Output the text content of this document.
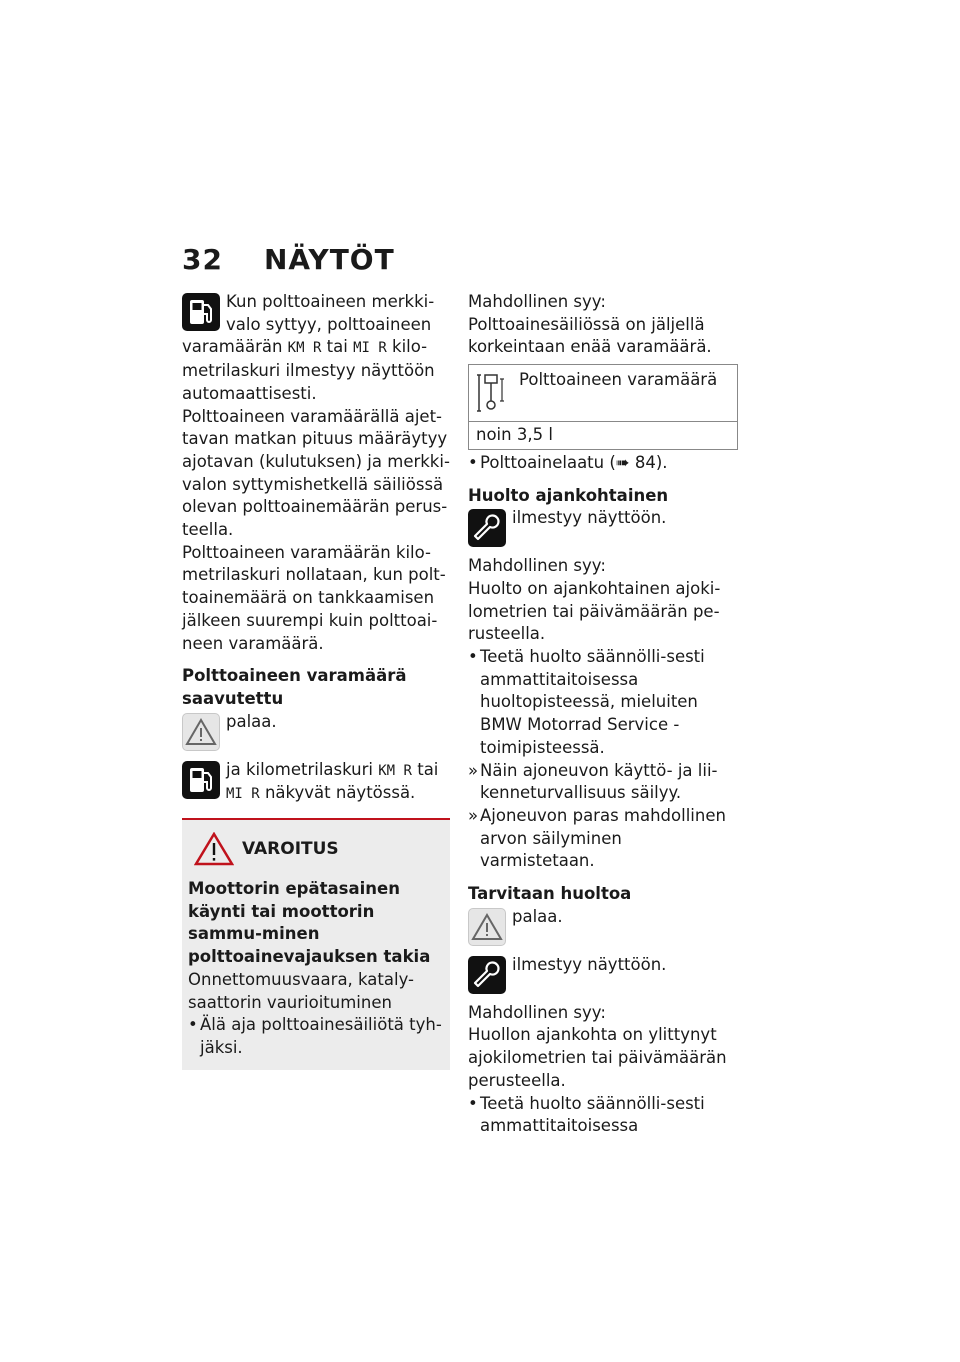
32 NÄYTÖT

Kun polttoaineen merkki-valo syttyy, polttoaineen varamäärän KM R tai MI R kilo-metrilaskuri ilmestyy näyttöön automaattisesti.

Polttoaineen varamäärällä ajet-tavan matkan pituus määräytyy ajotavan (kulutuksen) ja merkki-valon syttymishetkellä säiliössä olevan polttoainemäärän perus-teella.

Polttoaineen varamäärän kilo-metrilaskuri nollataan, kun polt-toainemäärä on tankkaamisen jälkeen suurempi kuin polttoai-neen varamäärä.

Polttoaineen varamäärä saavutettu

palaa.
ja kilometrilaskuri KM R tai MI R näkyvät näytössä.
VAROITUS

Moottorin epätasainen käynti tai moottorin sammu-minen polttoainevajauksen takia

Onnettomuusvaara, kataly-saattorin vaurioituminen

• Älä aja polttoainesäiliötä tyh-jäksi.

Mahdollinen syy:

Polttoainesäiliössä on jäljellä korkeintaan enää varamäärä.

Polttoaineen varamäärä
noin 3,5 l
• Polttoainelaatu (➠ 84).

Huolto ajankohtainen

ilmestyy näyttöön.

Mahdollinen syy:

Huolto on ajankohtainen ajoki-lometrien tai päivämäärän pe-rusteella.

• Teetä huolto säännölli-sesti ammattitaitoisessa huoltopisteessä, mieluiten BMW Motorrad Service -toimipisteessä.
» Näin ajoneuvon käyttö- ja lii-kenneturvallisuus säilyy.
» Ajoneuvon paras mahdollinen arvon säilyminen varmistetaan.

Tarvitaan huoltoa

palaa.
ilmestyy näyttöön.

Mahdollinen syy:

Huollon ajankohta on ylittynyt ajokilometrien tai päivämäärän perusteella.

• Teetä huolto säännölli-sesti ammattitaitoisessa
